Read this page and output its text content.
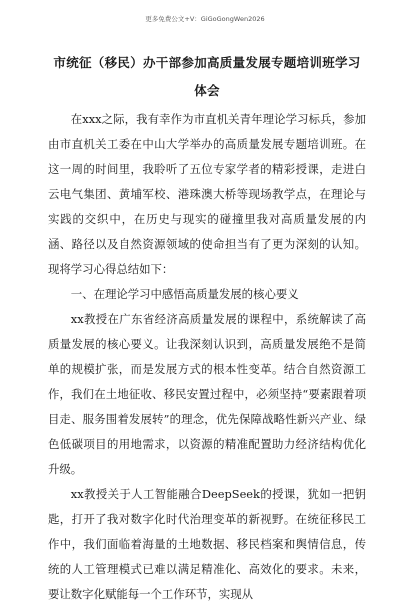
更多免费公文+V：GiGoGongWen2026
市统征（移民）办干部参加高质量发展专题培训班学习体会

在xxx之际，我有幸作为市直机关青年理论学习标兵，参加由市直机关工委在中山大学举办的高质量发展专题培训班。在这一周的时间里，我聆听了五位专家学者的精彩授课，走进白云电气集团、黄埔军校、港珠澳大桥等现场教学点，在理论与实践的交织中，在历史与现实的碰撞里我对高质量发展的内涵、路径以及自然资源领域的使命担当有了更为深刻的认知。现将学习心得总结如下：

一、在理论学习中感悟高质量发展的核心要义

xx教授在广东省经济高质量发展的课程中，系统解读了高质量发展的核心要义。让我深刻认识到，高质量发展绝不是简单的规模扩张，而是发展方式的根本性变革。结合自然资源工作，我们在土地征收、移民安置过程中，必须坚持“要素跟着项目走、服务围着发展转”的理念，优先保障战略性新兴产业、绿色低碳项目的用地需求，以资源的精准配置助力经济结构优化升级。

xx教授关于人工智能融合DeepSeek的授课，犹如一把钥匙，打开了我对数字化时代治理变革的新视野。在统征移民工作中，我们面临着海量的土地数据、移民档案和舆情信息，传统的人工管理模式已难以满足精准化、高效化的要求。未来，要让数字化赋能每一个工作环节，实现从
